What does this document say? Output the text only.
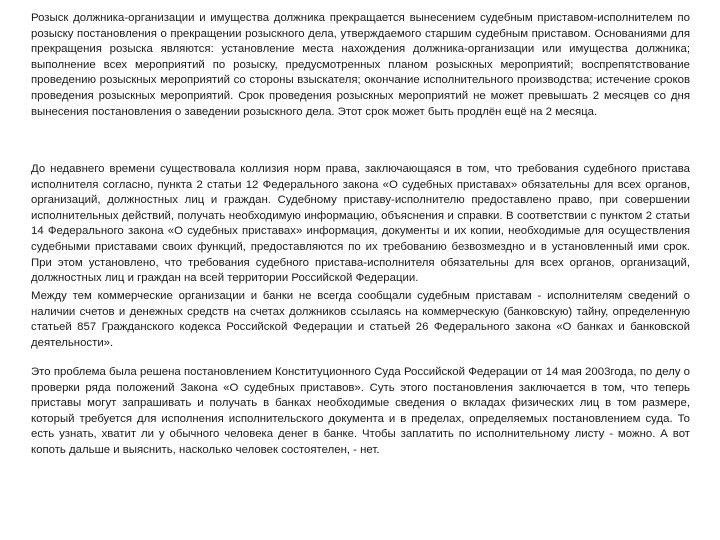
Розыск должника-организации и имущества должника прекращается вынесением судебным приставом-исполнителем по розыску постановления о прекращении розыскного дела, утверждаемого старшим судебным приставом. Основаниями для прекращения розыска являются: установление места нахождения должника-организации или имущества должника; выполнение всех мероприятий по розыску, предусмотренных планом розыскных мероприятий; воспрепятствование проведению розыскных мероприятий со стороны взыскателя; окончание исполнительного производства; истечение сроков проведения розыскных мероприятий. Срок проведения розыскных мероприятий не может превышать 2 месяцев со дня вынесения постановления о заведении розыскного дела. Этот срок может быть продлён ещё на 2 месяца.

До недавнего времени существовала коллизия норм права, заключающаяся в том, что требования судебного пристава исполнителя согласно, пункта 2 статьи 12 Федерального закона «О судебных приставах» обязательны для всех органов, организаций, должностных лиц и граждан. Судебному приставу-исполнителю предоставлено право, при совершении исполнительных действий, получать необходимую информацию, объяснения и справки. В соответствии с пунктом 2 статьи 14 Федерального закона «О судебных приставах» информация, документы и их копии, необходимые для осуществления судебными приставами своих функций, предоставляются по их требованию безвозмездно и в установленный ими срок. При этом установлено, что требования судебного пристава-исполнителя обязательны для всех органов, организаций, должностных лиц и граждан на всей территории Российской Федерации.

Между тем коммерческие организации и банки не всегда сообщали судебным приставам - исполнителям сведений о наличии счетов и денежных средств на счетах должников ссылаясь на коммерческую (банковскую) тайну, определенную статьей 857 Гражданского кодекса Российской Федерации и статьей 26 Федерального закона «О банках и банковской деятельности».

Это проблема была решена постановлением Конституционного Суда Российской Федерации от 14 мая 2003года, по делу о проверки ряда положений Закона «О судебных приставов». Суть этого постановления заключается в том, что теперь приставы могут запрашивать и получать в банках необходимые сведения о вкладах физических лиц в том размере, который требуется для исполнения исполнительского документа и в пределах, определяемых постановлением суда. То есть узнать, хватит ли у обычного человека денег в банке. Чтобы заплатить по исполнительному листу - можно. А вот копоть дальше и выяснить, насколько человек состоятелен, - нет.
